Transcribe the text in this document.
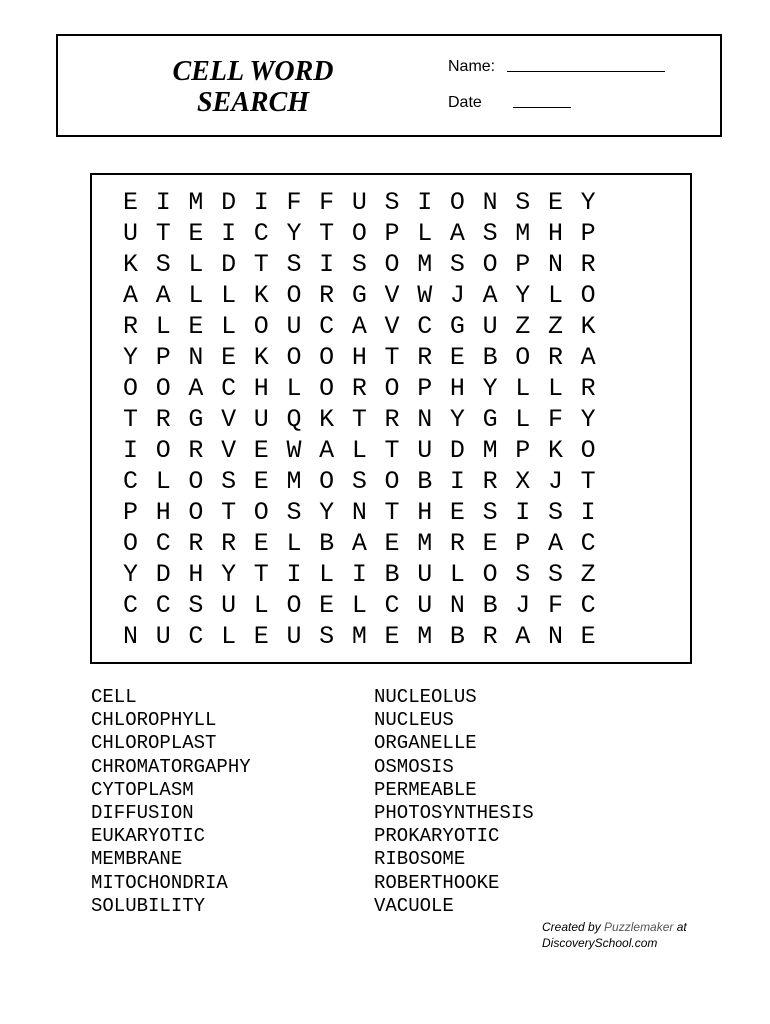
CELL WORD
SEARCH
Name:
Date
E I M D I F F U S I O N S E Y
U T E I C Y T O P L A S M H P
K S L D T S I S O M S O P N R
A A L L K O R G V W J A Y L O
R L E L O U C A V C G U Z Z K
Y P N E K O O H T R E B O R A
O O A C H L O R O P H Y L L R
T R G V U Q K T R N Y G L F Y
I O R V E W A L T U D M P K O
C L O S E M O S O B I R X J T
P H O T O S Y N T H E S I S I
O C R R E L B A E M R E P A C
Y D H Y T I L I B U L O S S Z
C C S U L O E L C U N B J F C
N U C L E U S M E M B R A N E
CELL
CHLOROPHYLL
CHLOROPLAST
CHROMATORGAPHY
CYTOPLASM
DIFFUSION
EUKARYOTIC
MEMBRANE
MITOCHONDRIA
SOLUBILITY
NUCLEOLUS
NUCLEUS
ORGANELLE
OSMOSIS
PERMEABLE
PHOTOSYNTHESIS
PROKARYOTIC
RIBOSOME
ROBERTHOOKE
VACUOLE
Created by Puzzlemaker at
DiscoverySchool.com
